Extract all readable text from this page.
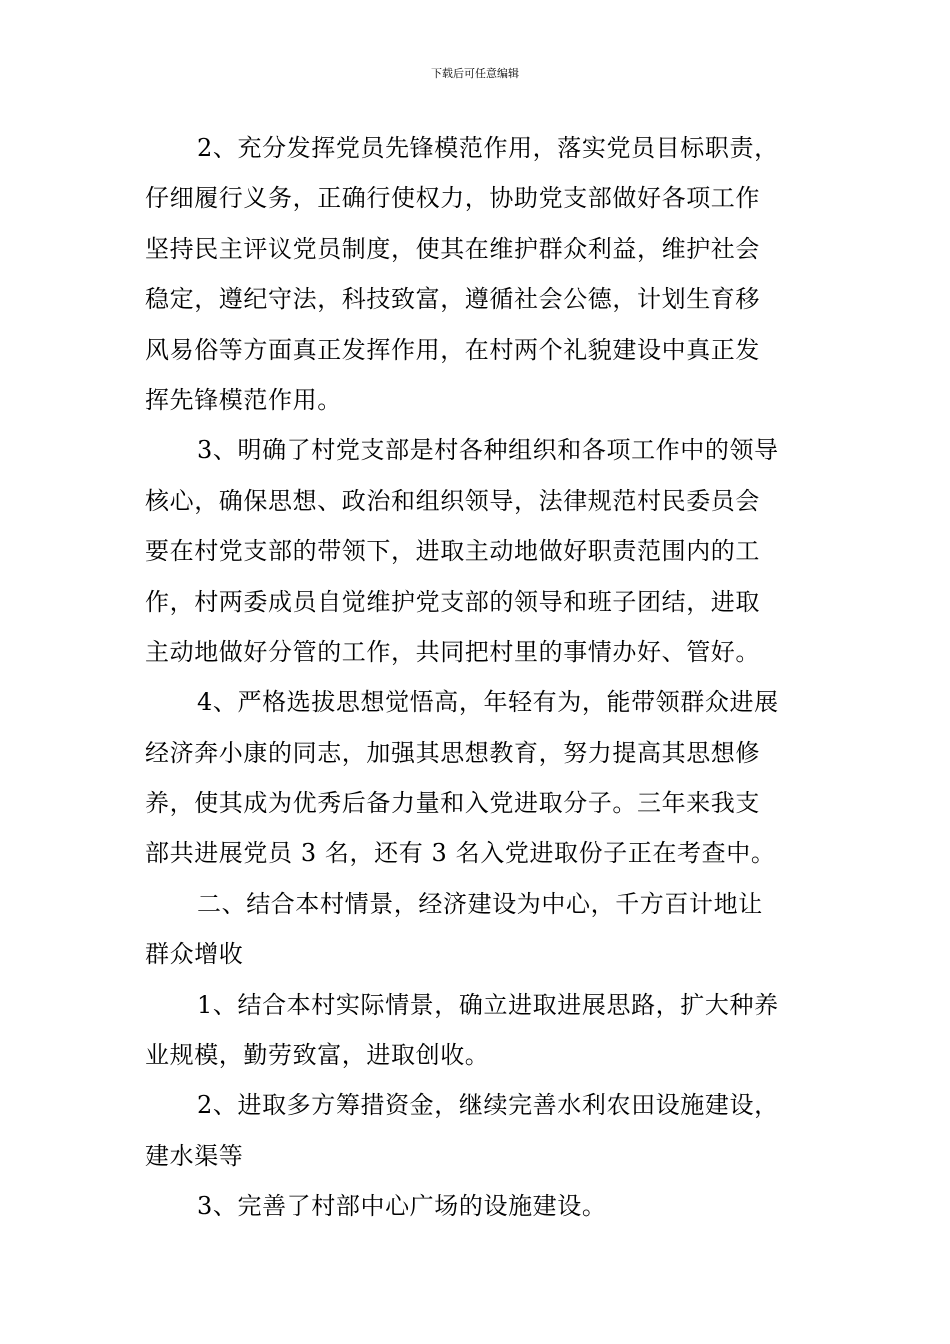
下载后可任意编辑
2、充分发挥党员先锋模范作用，落实党员目标职责，
仔细履行义务，正确行使权力，协助党支部做好各项工作
坚持民主评议党员制度，使其在维护群众利益，维护社会
稳定，遵纪守法，科技致富，遵循社会公德，计划生育移
风易俗等方面真正发挥作用，在村两个礼貌建设中真正发
挥先锋模范作用。
3、明确了村党支部是村各种组织和各项工作中的领导
核心，确保思想、政治和组织领导，法律规范村民委员会
要在村党支部的带领下，进取主动地做好职责范围内的工
作，村两委成员自觉维护党支部的领导和班子团结，进取
主动地做好分管的工作，共同把村里的事情办好、管好。
4、严格选拔思想觉悟高，年轻有为，能带领群众进展
经济奔小康的同志，加强其思想教育，努力提高其思想修
养，使其成为优秀后备力量和入党进取分子。三年来我支
部共进展党员 3 名，还有 3 名入党进取份子正在考查中。
二、结合本村情景，经济建设为中心，千方百计地让
群众增收
1、结合本村实际情景，确立进取进展思路，扩大种养
业规模，勤劳致富，进取创收。
2、进取多方筹措资金，继续完善水利农田设施建设，
建水渠等
3、完善了村部中心广场的设施建设。
